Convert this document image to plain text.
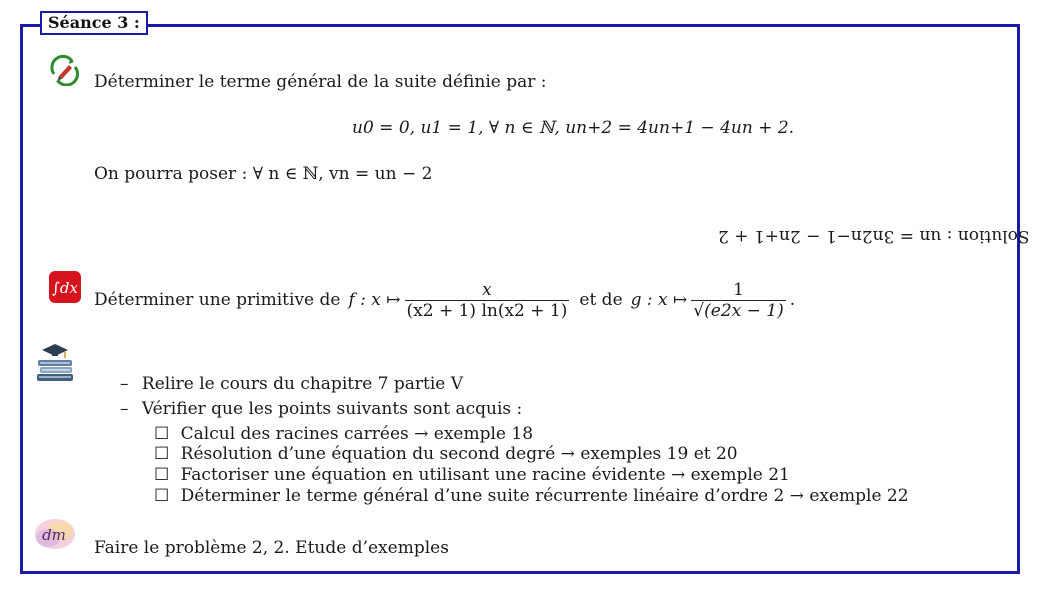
Séance 3 :
Déterminer le terme général de la suite définie par :
u0 = 0, u1 = 1, ∀ n ∈ ℕ, un+2 = 4un+1 − 4un + 2.
On pourra poser : ∀ n ∈ ℕ, vn = un − 2
Solution : un = 3n2n−1 − 2n+1 + 2
∫dx
Déterminer une primitive de f : x ↦ $\frac{x}{(x2 + 1) \ln(x2 + 1)}$ et de g : x ↦ $\frac{1}{√(e2x - 1)}$ .
– Relire le cours du chapitre 7 partie V
– Vérifier que les points suivants sont acquis :
☐ Calcul des racines carrées → exemple 18
☐ Résolution d’une équation du second degré → exemples 19 et 20
☐ Factoriser une équation en utilisant une racine évidente → exemple 21
☐ Déterminer le terme général d’une suite récurrente linéaire d’ordre 2 → exemple 22
dm
Faire le problème 2, 2. Etude d’exemples
